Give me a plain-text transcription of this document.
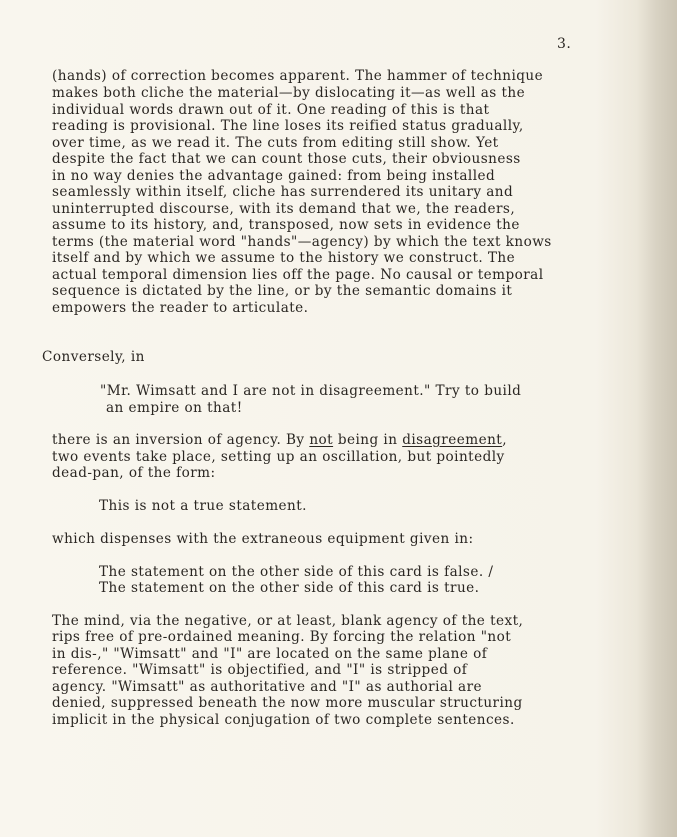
3.
(hands) of correction becomes apparent. The hammer of technique
makes both cliche the material—by dislocating it—as well as the
individual words drawn out of it. One reading of this is that
reading is provisional. The line loses its reified status gradually,
over time, as we read it. The cuts from editing still show. Yet
despite the fact that we can count those cuts, their obviousness
in no way denies the advantage gained: from being installed
seamlessly within itself, cliche has surrendered its unitary and
uninterrupted discourse, with its demand that we, the readers,
assume to its history, and, transposed, now sets in evidence the
terms (the material word "hands"—agency) by which the text knows
itself and by which we assume to the history we construct. The
actual temporal dimension lies off the page. No causal or temporal
sequence is dictated by the line, or by the semantic domains it
empowers the reader to articulate.
Conversely, in
"Mr. Wimsatt and I are not in disagreement." Try to build
an empire on that!
there is an inversion of agency. By not being in disagreement,
two events take place, setting up an oscillation, but pointedly
dead-pan, of the form:
This is not a true statement.
which dispenses with the extraneous equipment given in:
The statement on the other side of this card is false. /
The statement on the other side of this card is true.
The mind, via the negative, or at least, blank agency of the text,
rips free of pre-ordained meaning. By forcing the relation "not
in dis-," "Wimsatt" and "I" are located on the same plane of
reference. "Wimsatt" is objectified, and "I" is stripped of
agency. "Wimsatt" as authoritative and "I" as authorial are
denied, suppressed beneath the now more muscular structuring
implicit in the physical conjugation of two complete sentences.
